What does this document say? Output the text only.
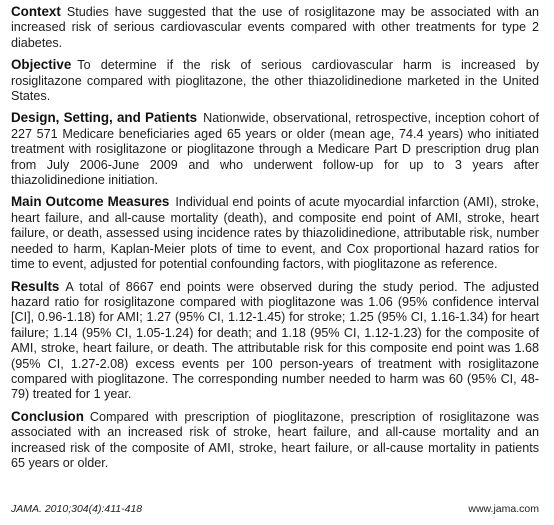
Context Studies have suggested that the use of rosiglitazone may be associated with an increased risk of serious cardiovascular events compared with other treatments for type 2 diabetes.

Objective To determine if the risk of serious cardiovascular harm is increased by rosiglitazone compared with pioglitazone, the other thiazolidinedione marketed in the United States.

Design, Setting, and Patients Nationwide, observational, retrospective, inception cohort of 227 571 Medicare beneficiaries aged 65 years or older (mean age, 74.4 years) who initiated treatment with rosiglitazone or pioglitazone through a Medicare Part D prescription drug plan from July 2006-June 2009 and who underwent follow-up for up to 3 years after thiazolidinedione initiation.

Main Outcome Measures Individual end points of acute myocardial infarction (AMI), stroke, heart failure, and all-cause mortality (death), and composite end point of AMI, stroke, heart failure, or death, assessed using incidence rates by thiazolidinedione, attributable risk, number needed to harm, Kaplan-Meier plots of time to event, and Cox proportional hazard ratios for time to event, adjusted for potential confounding factors, with pioglitazone as reference.

Results A total of 8667 end points were observed during the study period. The adjusted hazard ratio for rosiglitazone compared with pioglitazone was 1.06 (95% confidence interval [CI], 0.96-1.18) for AMI; 1.27 (95% CI, 1.12-1.45) for stroke; 1.25 (95% CI, 1.16-1.34) for heart failure; 1.14 (95% CI, 1.05-1.24) for death; and 1.18 (95% CI, 1.12-1.23) for the composite of AMI, stroke, heart failure, or death. The attributable risk for this composite end point was 1.68 (95% CI, 1.27-2.08) excess events per 100 person-years of treatment with rosiglitazone compared with pioglitazone. The corresponding number needed to harm was 60 (95% CI, 48-79) treated for 1 year.

Conclusion Compared with prescription of pioglitazone, prescription of rosiglitazone was associated with an increased risk of stroke, heart failure, and all-cause mortality and an increased risk of the composite of AMI, stroke, heart failure, or all-cause mortality in patients 65 years or older.

JAMA. 2010;304(4):411-418	www.jama.com
